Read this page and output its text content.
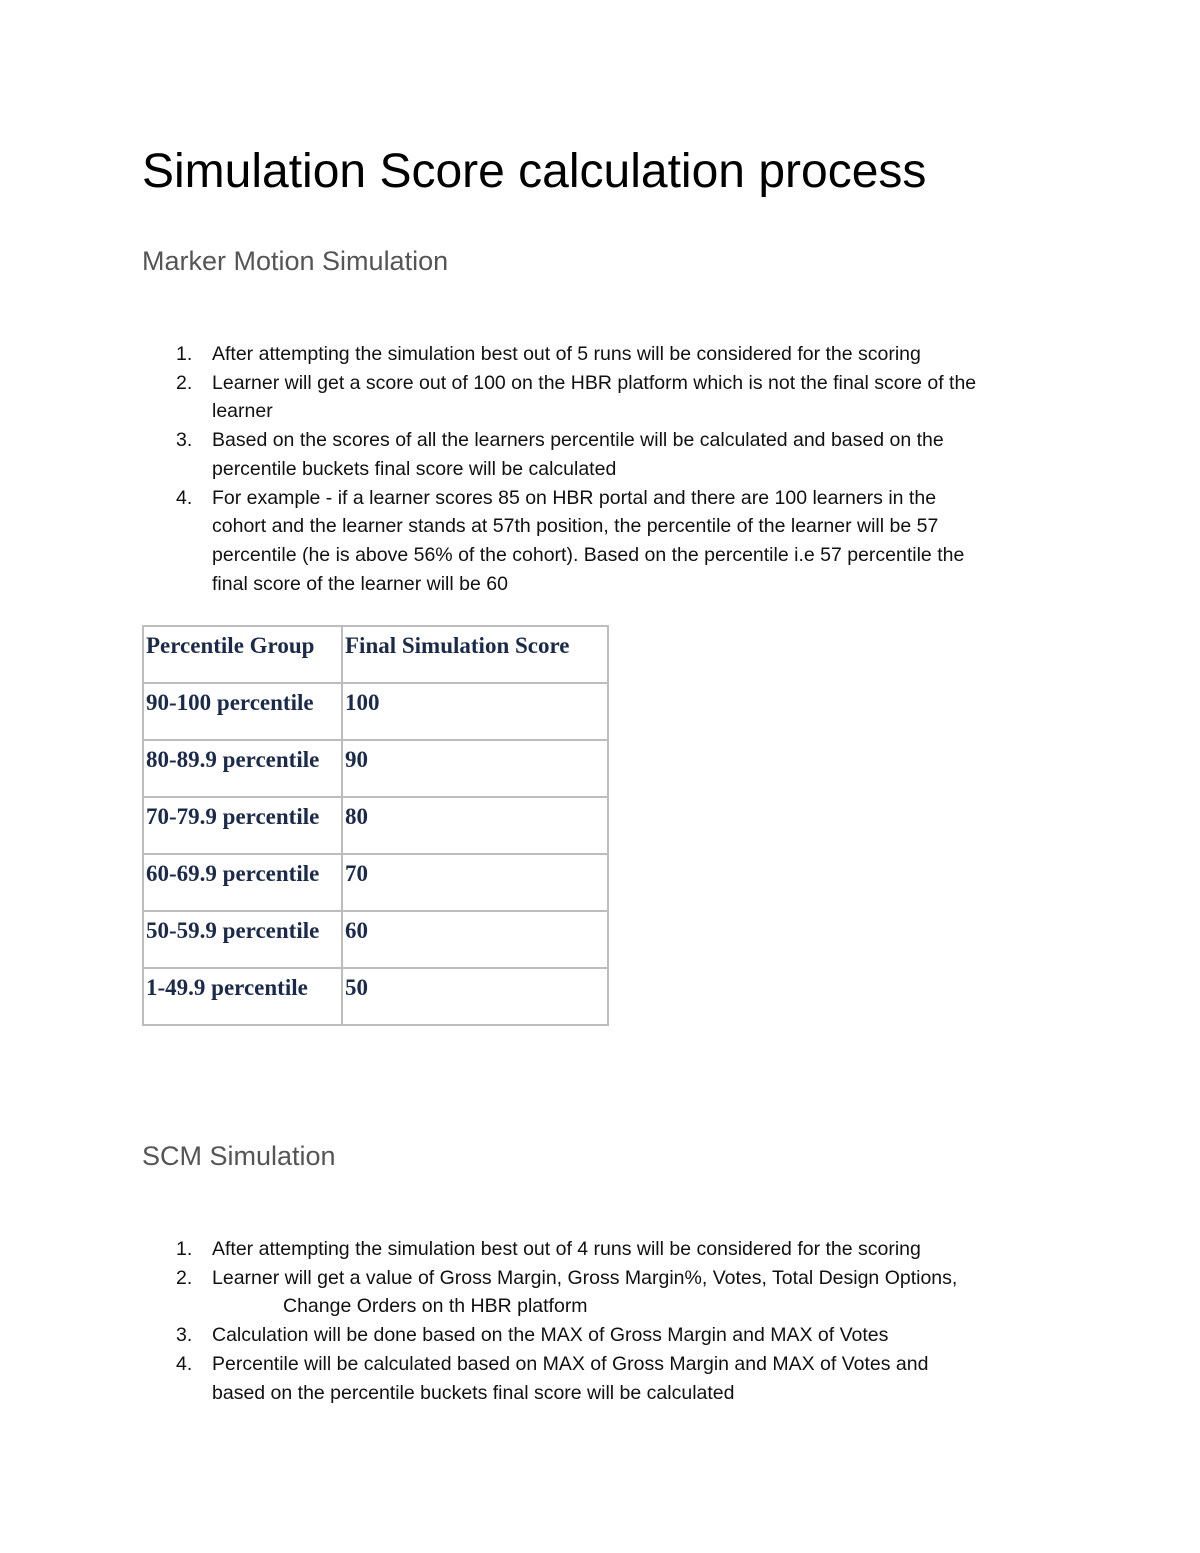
Simulation Score calculation process
Marker Motion Simulation
1. After attempting the simulation best out of 5 runs will be considered for the scoring
2. Learner will get a score out of 100 on the HBR platform which is not the final score of the
learner
3. Based on the scores of all the learners percentile will be calculated and based on the
percentile buckets final score will be calculated
4. For example - if a learner scores 85 on HBR portal and there are 100 learners in the
cohort and the learner stands at 57th position, the percentile of the learner will be 57
percentile (he is above 56% of the cohort). Based on the percentile i.e 57 percentile the
final score of the learner will be 60
Percentile Group	Final Simulation Score
90-100 percentile	100
80-89.9 percentile	90
70-79.9 percentile	80
60-69.9 percentile	70
50-59.9 percentile	60
1-49.9 percentile	50
SCM Simulation
1. After attempting the simulation best out of 4 runs will be considered for the scoring
2. Learner will get a value of Gross Margin, Gross Margin%, Votes, Total Design Options,
Change Orders on th HBR platform
3. Calculation will be done based on the MAX of Gross Margin and MAX of Votes
4. Percentile will be calculated based on MAX of Gross Margin and MAX of Votes and
based on the percentile buckets final score will be calculated
